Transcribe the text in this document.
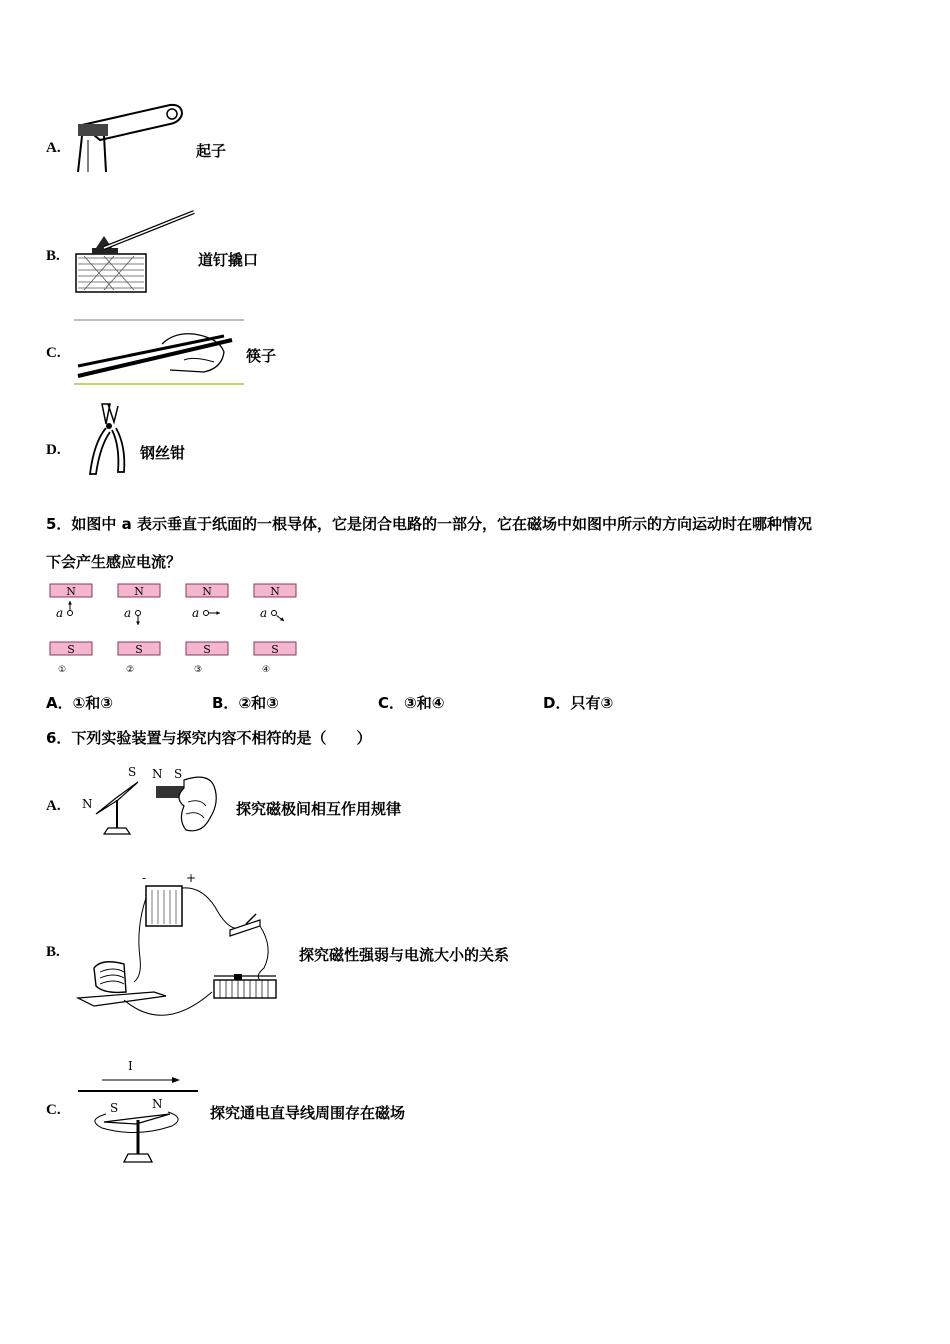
A.	起子
B.	道钉撬口
C.	筷子
D.	钢丝钳
5．如图中 a 表示垂直于纸面的一根导体，它是闭合电路的一部分，它在磁场中如图中所示的方向运动时在哪种情况
下会产生感应电流？
N
S
a
①
N
S
a
②
N
S
a
③
N
S
a
④
A．①和③	B．②和③	C．③和④	D．只有③
6．下列实验装置与探究内容不相符的是（　　）
A. N
S N S
探究磁极间相互作用规律
B.
-	+
探究磁性强弱与电流大小的关系
C.
I
S	N	探究通电直导线周围存在磁场
